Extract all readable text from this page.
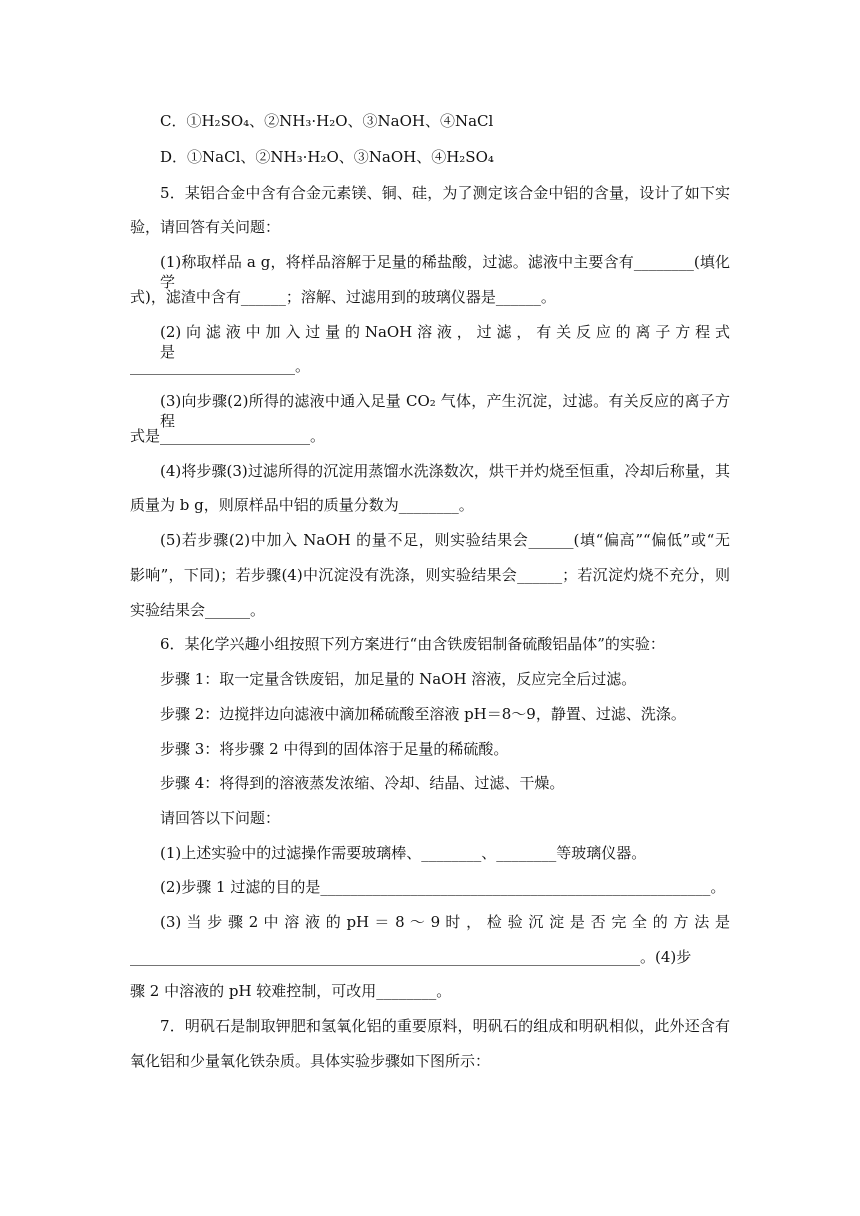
C．①H₂SO₄、②NH₃·H₂O、③NaOH、④NaCl
D．①NaCl、②NH₃·H₂O、③NaOH、④H₂SO₄
5．某铝合金中含有合金元素镁、铜、硅，为了测定该合金中铝的含量，设计了如下实
验，请回答有关问题：
(1)称取样品 a g，将样品溶解于足量的稀盐酸，过滤。滤液中主要含有________(填化学
式)，滤渣中含有______；溶解、过滤用到的玻璃仪器是______。
(2) 向 滤 液 中 加 入 过 量 的 NaOH 溶 液 ， 过 滤 ， 有 关 反 应 的 离 子 方 程 式 是
______________________。
(3)向步骤(2)所得的滤液中通入足量 CO₂ 气体，产生沉淀，过滤。有关反应的离子方程
式是____________________。
(4)将步骤(3)过滤所得的沉淀用蒸馏水洗涤数次，烘干并灼烧至恒重，冷却后称量，其
质量为 b g，则原样品中铝的质量分数为________。
(5)若步骤(2)中加入 NaOH 的量不足，则实验结果会______(填“偏高”“偏低”或“无
影响”，下同)；若步骤(4)中沉淀没有洗涤，则实验结果会______；若沉淀灼烧不充分，则
实验结果会______。
6．某化学兴趣小组按照下列方案进行“由含铁废铝制备硫酸铝晶体”的实验：
步骤 1：取一定量含铁废铝，加足量的 NaOH 溶液，反应完全后过滤。
步骤 2：边搅拌边向滤液中滴加稀硫酸至溶液 pH＝8～9，静置、过滤、洗涤。
步骤 3：将步骤 2 中得到的固体溶于足量的稀硫酸。
步骤 4：将得到的溶液蒸发浓缩、冷却、结晶、过滤、干燥。
请回答以下问题：
(1)上述实验中的过滤操作需要玻璃棒、________、________等玻璃仪器。
(2)步骤 1 过滤的目的是____________________________________________________。
(3) 当 步 骤 2 中 溶 液 的 pH ＝ 8 ～ 9 时 ， 检 验 沉 淀 是 否 完 全 的 方 法 是
____________________________________________________________________。(4)步
骤 2 中溶液的 pH 较难控制，可改用________。
7．明矾石是制取钾肥和氢氧化铝的重要原料，明矾石的组成和明矾相似，此外还含有
氧化铝和少量氧化铁杂质。具体实验步骤如下图所示：
